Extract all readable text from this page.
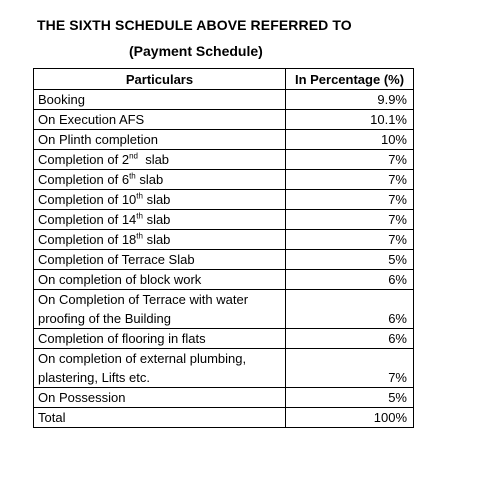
THE SIXTH SCHEDULE ABOVE REFERRED TO
(Payment Schedule)
Particulars	In Percentage (%)
Booking	9.9%
On Execution AFS	10.1%
On Plinth completion	10%
Completion of 2nd  slab	7%
Completion of 6th slab	7%
Completion of 10th slab	7%
Completion of 14th slab	7%
Completion of 18th slab	7%
Completion of Terrace Slab	5%
On completion of block work	6%
On Completion of Terrace with water proofing of the Building	6%
Completion of flooring in flats	6%
On completion of external plumbing, plastering, Lifts etc.	7%
On Possession	5%
Total	100%
